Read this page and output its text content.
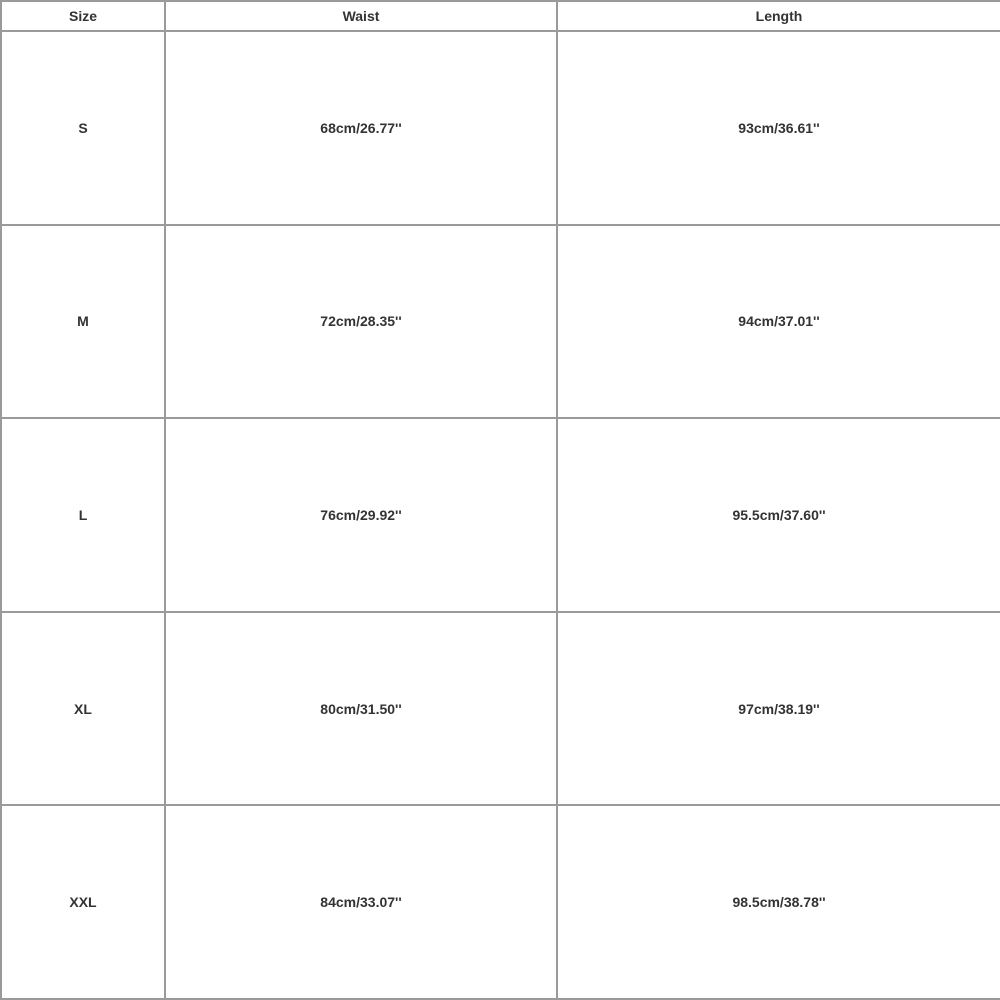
Size	Waist	Length
S	68cm/26.77''	93cm/36.61''
M	72cm/28.35''	94cm/37.01''
L	76cm/29.92''	95.5cm/37.60''
XL	80cm/31.50''	97cm/38.19''
XXL	84cm/33.07''	98.5cm/38.78''
